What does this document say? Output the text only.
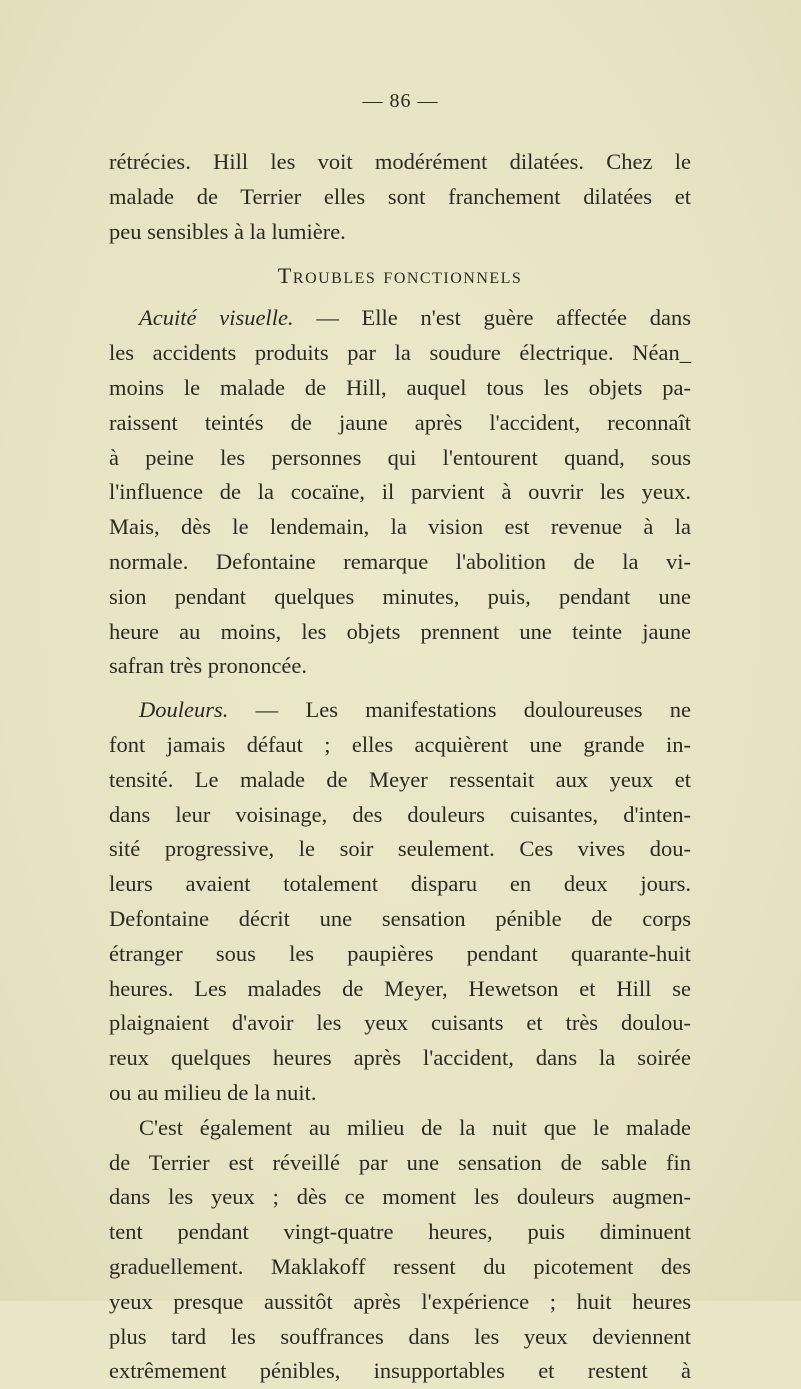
— 86 —
rétrécies. Hill les voit modérément dilatées. Chez le
malade de Terrier elles sont franchement dilatées et
peu sensibles à la lumière.
Troubles fonctionnels
Acuité visuelle. — Elle n'est guère affectée dans
les accidents produits par la soudure électrique. Néan_
moins le malade de Hill, auquel tous les objets pa-
raissent teintés de jaune après l'accident, reconnaît
à peine les personnes qui l'entourent quand, sous
l'influence de la cocaïne, il parvient à ouvrir les yeux.
Mais, dès le lendemain, la vision est revenue à la
normale. Defontaine remarque l'abolition de la vi-
sion pendant quelques minutes, puis, pendant une
heure au moins, les objets prennent une teinte jaune
safran très prononcée.
Douleurs. — Les manifestations douloureuses ne
font jamais défaut ; elles acquièrent une grande in-
tensité. Le malade de Meyer ressentait aux yeux et
dans leur voisinage, des douleurs cuisantes, d'inten-
sité progressive, le soir seulement. Ces vives dou-
leurs avaient totalement disparu en deux jours.
Defontaine décrit une sensation pénible de corps
étranger sous les paupières pendant quarante-huit
heures. Les malades de Meyer, Hewetson et Hill se
plaignaient d'avoir les yeux cuisants et très doulou-
reux quelques heures après l'accident, dans la soirée
ou au milieu de la nuit.
C'est également au milieu de la nuit que le malade
de Terrier est réveillé par une sensation de sable fin
dans les yeux ; dès ce moment les douleurs augmen-
tent pendant vingt-quatre heures, puis diminuent
graduellement. Maklakoff ressent du picotement des
yeux presque aussitôt après l'expérience ; huit heures
plus tard les souffrances dans les yeux deviennent
extrêmement pénibles, insupportables et restent à
